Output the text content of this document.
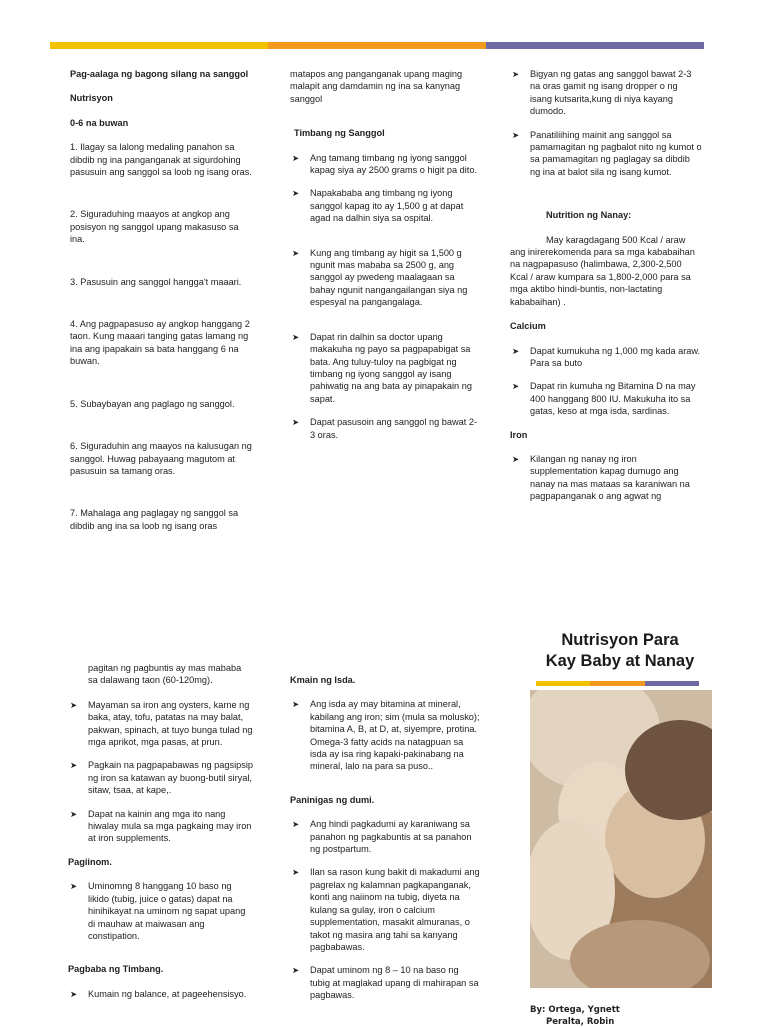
Pag-aalaga ng bagong silang na sanggol
Nutrisyon
0-6 na buwan

1. Ilagay sa lalong medaling panahon sa dibdib ng ina panganganak at sigurdohing pasusuin ang sanggol sa loob ng isang oras.

2. Siguraduhing maayos at angkop ang posisyon ng sanggol upang makasuso sa ina.

3. Pasusuin ang sanggol hangga't maaari.

4. Ang pagpapasuso ay angkop hanggang 2 taon. Kung maaari tanging gatas lamang ng ina ang ipapakain sa bata hanggang 6 na buwan.

5. Subaybayan ang paglago ng sanggol.

6. Siguraduhin ang maayos na kalusugan ng sanggol. Huwag pabayaang magutom at pasusuin sa tamang oras.

7. Mahalaga ang paglagay ng sanggol sa dibdib ang ina sa loob ng isang oras

matapos ang panganganak upang maging malapit ang damdamin ng ina sa kanynag sanggol

Timbang ng Sanggol
➤ Ang tamang timbang ng iyong sanggol kapag siya ay 2500 grams o higit pa dito.
➤ Napakababa ang timbang ng iyong sanggol kapag ito ay 1,500 g at dapat agad na dalhin siya sa ospital.
➤ Kung ang timbang ay higit sa 1,500 g ngunit mas mababa sa 2500 g, ang sanggol ay pwedeng maalagaan sa bahay ngunit nangangailangan siya ng espesyal na pangangalaga.
➤ Dapat rin dalhin sa doctor upang makakuha ng payo sa pagpapabigat sa bata. Ang tuluy-tuloy na pagbigat ng timbang ng iyong sanggol ay isang pahiwatig na ang bata ay pinapakain ng sapat.
➤ Dapat pasusoin ang sanggol ng bawat 2-3 oras.
➤ Bigyan ng gatas ang sanggol bawat 2-3 na oras gamit ng isang dropper o ng isang kutsarita,kung di niya kayang dumodo.
➤ Panatiliihing mainit ang sanggol sa pamamagitan ng pagbalot nito ng kumot o sa pamamagitan ng paglagay sa dibdib ng ina at balot sila ng isang kumot.
Nutrition ng Nanay:

May karagdagang 500 Kcal / araw ang inirerekomenda para sa mga kababaihan na nagpapasuso (halimbawa, 2,300-2,500 Kcal / araw kumpara sa 1,800-2,000 para sa mga aktibo hindi-buntis, non-lactating kababaihan) .

Calcium
➤ Dapat kumukuha ng 1,000 mg kada araw. Para sa buto
➤ Dapat rin kumuha ng Bitamina D na may 400 hanggang 800 IU. Makukuha ito sa gatas, keso at mga isda, sardinas.
Iron
➤ Kilangan ng nanay ng iron supplementation kapag dumugo ang nanay na mas mataas sa karaniwan na pagpapanganak o ang agwat ng

pagitan ng pagbuntis ay mas mababa sa dalawang taon (60-120mg).

➤ Mayaman sa iron ang oysters, karne ng baka, atay, tofu, patatas na may balat, pakwan, spinach, at tuyo bunga tulad ng mga aprikot, mga pasas, at prun.
➤ Pagkain na pagpapabawas ng pagsipsip ng iron sa katawan ay buong-butil siryal, sitaw, tsaa, at kape,.
➤ Dapat na kainin ang mga ito nang hiwalay mula sa mga pagkaing may iron at iron supplements.
Pagiinom.
➤ Uminomng 8 hanggang 10 baso ng likido (tubig, juice o gatas) dapat na hinihikayat na uminom ng sapat upang di mauhaw at maiwasan ang constipation.
Pagbaba ng Timbang.
➤ Kumain ng balance, at pageehensisyo.
Kmain ng Isda.
➤ Ang isda ay may bitamina at mineral, kabilang ang iron; sim (mula sa molusko); bitamina A, B, at D, at, siyempre, protina. Omega-3 fatty acids na natagpuan sa isda ay isa ring kapaki-pakinabang na mineral, lalo na para sa puso..
Paninigas ng dumi.
➤ Ang hindi pagkadumi ay karaniwang sa panahon ng pagkabuntis at sa panahon ng postpartum.
➤ Ilan sa rason kung bakit di makadumi ang pagrelax ng kalamnan pagkapanganak, konti ang naiinom na tubig, diyeta na kulang sa gulay, iron o calcium supplementation, masakit almuranas, o takot ng masira ang tahi sa kanyang pagbabawas.
➤ Dapat uminom ng 8 – 10 na baso ng tubig at maglakad upang di mahirapan sa pagbawas.
Nutrisyon Para
Kay Baby at Nanay
By: Ortega, Ygnett
Peralta, Robin
